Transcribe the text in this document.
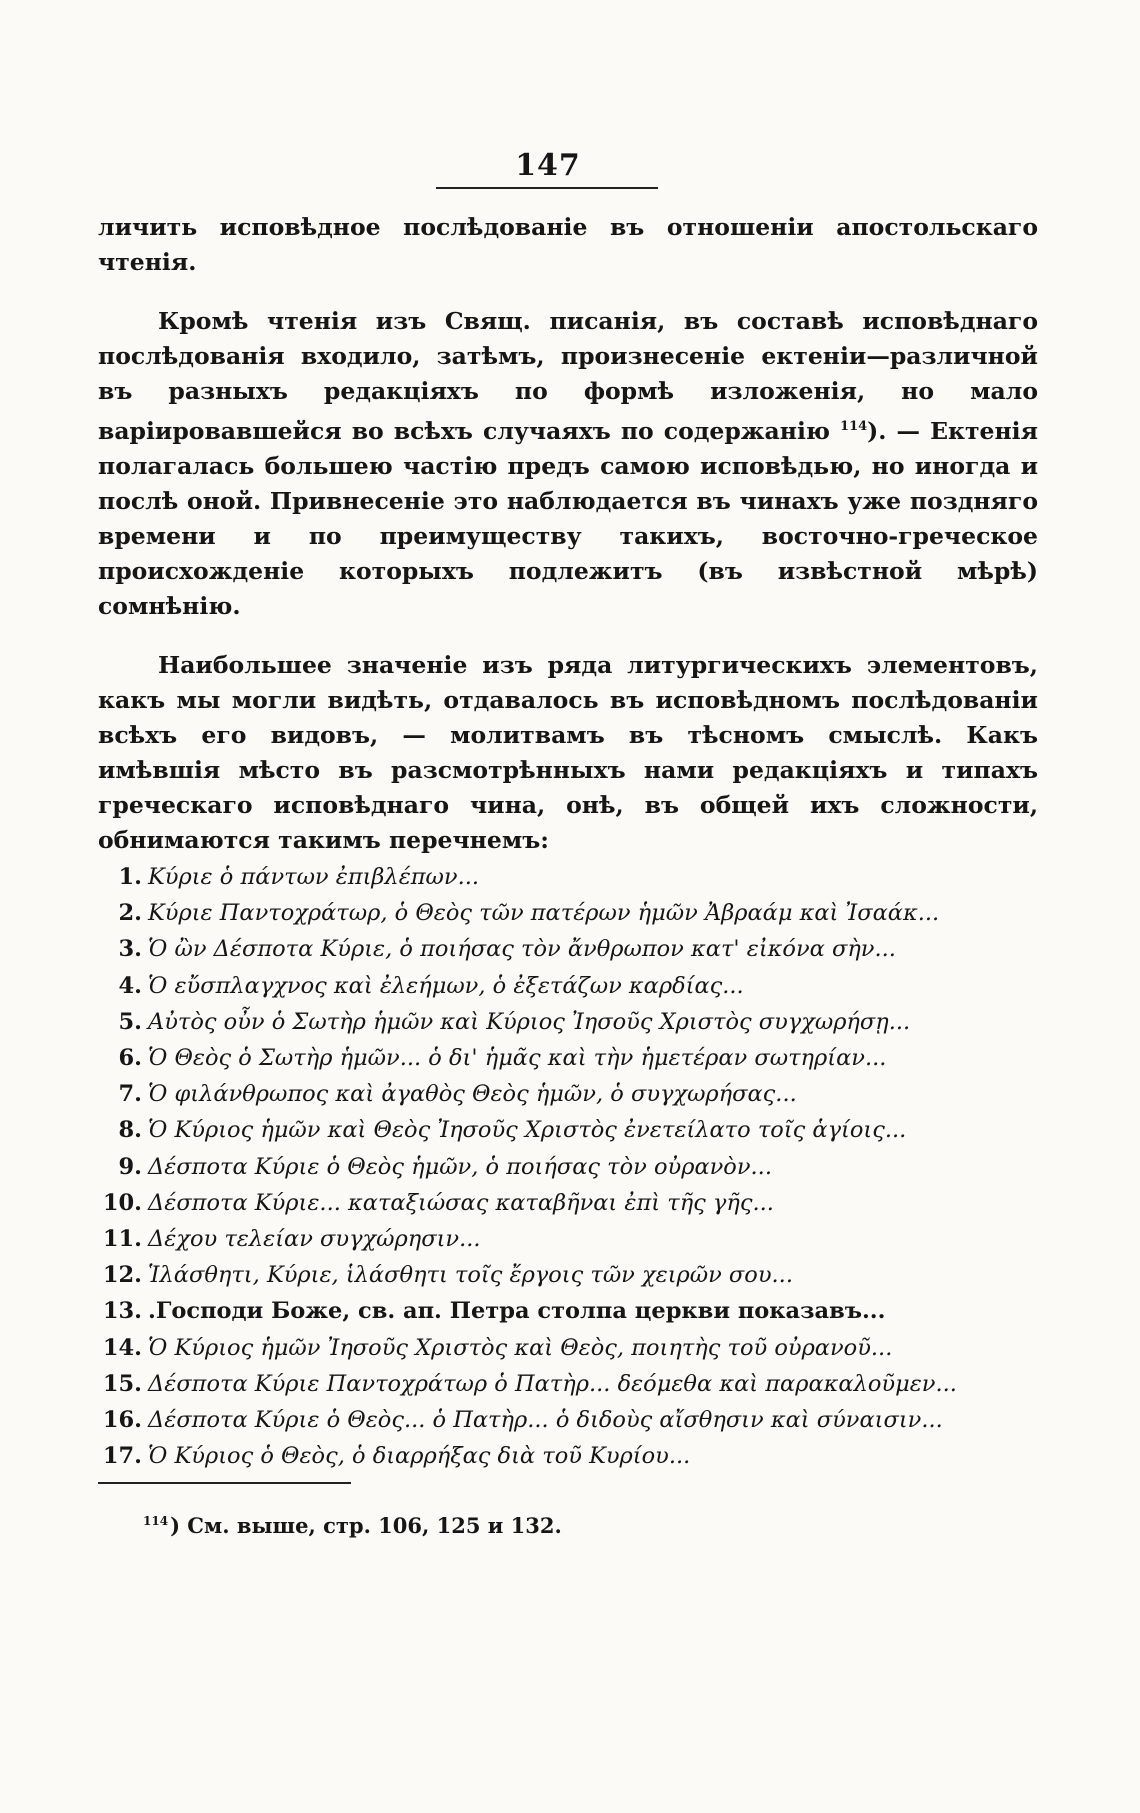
147

личить исповѣдное послѣдованіе въ отношеніи апостольскаго чтенія.

Кромѣ чтенія изъ Свящ. писанія, въ составѣ исповѣднаго послѣдованія входило, затѣмъ, произнесеніе ектеніи—различной въ разныхъ редакціяхъ по формѣ изложенія, но мало варіировавшейся во всѣхъ случаяхъ по содержанію $^{114}$). — Ектенія полагалась большею частію предъ самою исповѣдью, но иногда и послѣ оной. Привнесеніе это наблюдается въ чинахъ уже поздняго времени и по преимуществу такихъ, восточно-греческое происхожденіе которыхъ подлежитъ (въ извѣстной мѣрѣ) сомнѣнію.

Наибольшее значеніе изъ ряда литургическихъ элементовъ, какъ мы могли видѣть, отдавалось въ исповѣдномъ послѣдованіи всѣхъ его видовъ, — молитвамъ въ тѣсномъ смыслѣ. Какъ имѣвшія мѣсто въ разсмотрѣнныхъ нами редакціяхъ и типахъ греческаго исповѣднаго чина, онѣ, въ общей ихъ сложности, обнимаются такимъ перечнемъ:

1. Κύριε ὁ πάντων ἐπιβλέπων...
2. Κύριε Παντοχράτωρ, ὁ Θεὸς τῶν πατέρων ἡμῶν Ἀβραάμ καὶ Ἰσαάκ...
3. Ὁ ὢν Δέσποτα Κύριε, ὁ ποιήσας τὸν ἄνθρωπον κατ' εἰκόνα σὴν...
4. Ὁ εὔσπλαγχνος καὶ ἐλεήμων, ὁ ἐξετάζων καρδίας...
5. Αὐτὸς οὖν ὁ Σωτὴρ ἡμῶν καὶ Κύριος Ἰησοῦς Χριστὸς συγχωρήσῃ...
6. Ὁ Θεὸς ὁ Σωτὴρ ἡμῶν... ὁ δι' ἡμᾶς καὶ τὴν ἡμετέραν σωτηρίαν...
7. Ὁ φιλάνθρωπος καὶ ἀγαθὸς Θεὸς ἡμῶν, ὁ συγχωρήσας...
8. Ὁ Κύριος ἡμῶν καὶ Θεὸς Ἰησοῦς Χριστὸς ἐνετείλατο τοῖς ἁγίοις...
9. Δέσποτα Κύριε ὁ Θεὸς ἡμῶν, ὁ ποιήσας τὸν οὐρανὸν...
10. Δέσποτα Κύριε... καταξιώσας καταβῆναι ἐπὶ τῆς γῆς...
11. Δέχου τελείαν συγχώρησιν...
12. Ἱλάσθητι, Κύριε, ἱλάσθητι τοῖς ἔργοις τῶν χειρῶν σου...
13. .Господи Боже, св. ап. Петра столпа церкви показавъ...
14. Ὁ Κύριος ἡμῶν Ἰησοῦς Χριστὸς καὶ Θεὸς, ποιητὴς τοῦ οὐρανοῦ...
15. Δέσποτα Κύριε Παντοχράτωρ ὁ Πατὴρ... δεόμεθα καὶ παρακαλοῦμεν...
16. Δέσποτα Κύριε ὁ Θεὸς... ὁ Πατὴρ... ὁ διδοὺς αἴσθησιν καὶ σύναισιν...
17. Ὁ Κύριος ὁ Θεὸς, ὁ διαρρήξας διὰ τοῦ Κυρίου...
$^{114}$) См. выше, стр. 106, 125 и 132.
